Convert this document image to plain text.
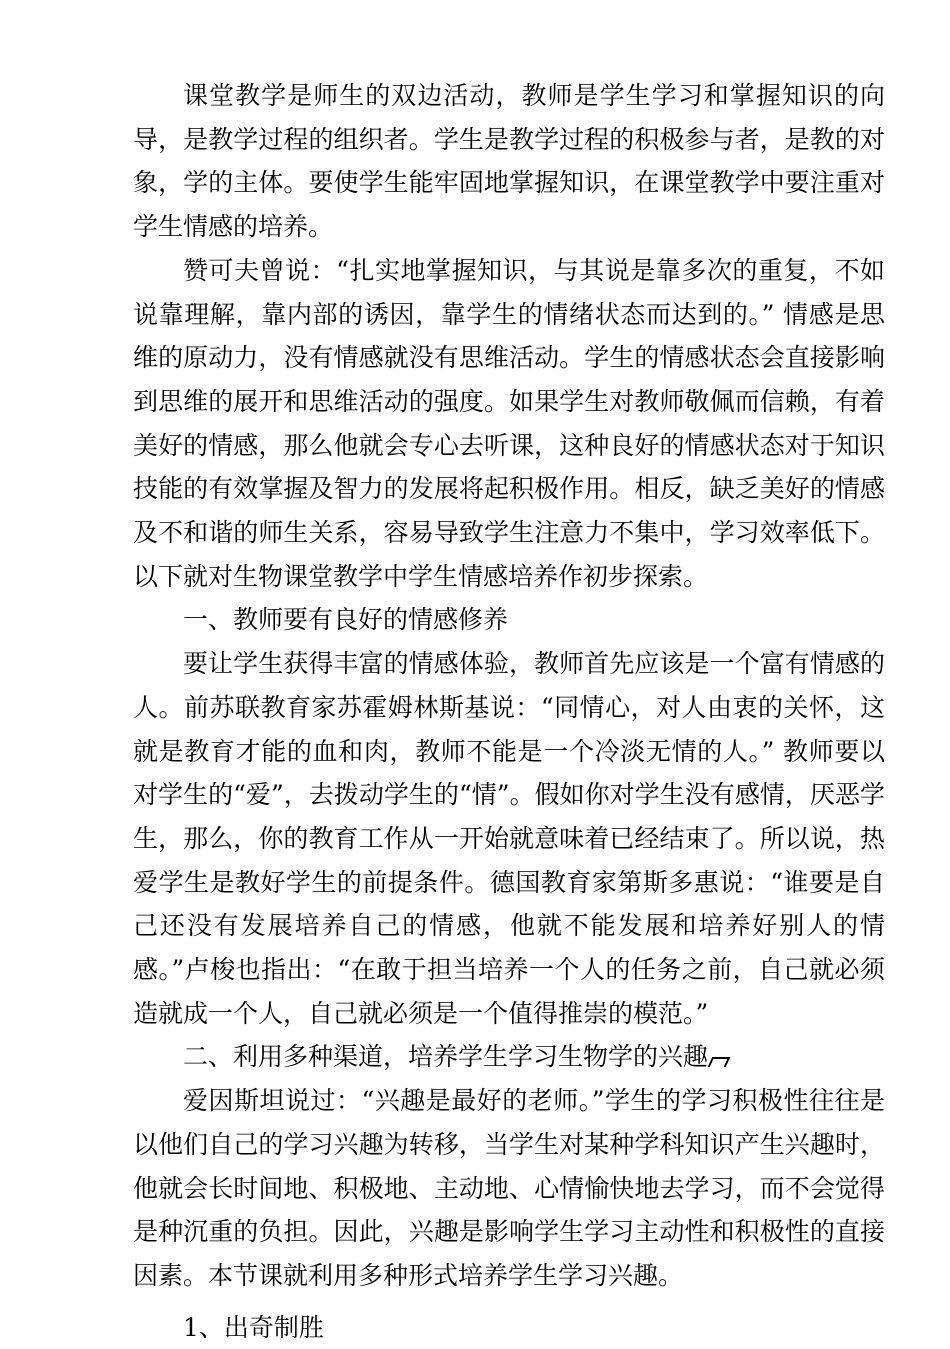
课堂教学是师生的双边活动，教师是学生学习和掌握知识的向导，是教学过程的组织者。学生是教学过程的积极参与者，是教的对象，学的主体。要使学生能牢固地掌握知识，在课堂教学中要注重对学生情感的培养。

赞可夫曾说：“扎实地掌握知识，与其说是靠多次的重复，不如说靠理解，靠内部的诱因，靠学生的情绪状态而达到的。” 情感是思维的原动力，没有情感就没有思维活动。学生的情感状态会直接影响到思维的展开和思维活动的强度。如果学生对教师敬佩而信赖，有着美好的情感，那么他就会专心去听课，这种良好的情感状态对于知识技能的有效掌握及智力的发展将起积极作用。相反，缺乏美好的情感及不和谐的师生关系，容易导致学生注意力不集中，学习效率低下。以下就对生物课堂教学中学生情感培养作初步探索。

一、教师要有良好的情感修养

要让学生获得丰富的情感体验，教师首先应该是一个富有情感的人。前苏联教育家苏霍姆林斯基说：“同情心，对人由衷的关怀，这就是教育才能的血和肉，教师不能是一个冷淡无情的人。” 教师要以对学生的“爱”，去拨动学生的“情”。假如你对学生没有感情，厌恶学生，那么，你的教育工作从一开始就意味着已经结束了。所以说，热爱学生是教好学生的前提条件。德国教育家第斯多惠说：“谁要是自己还没有发展培养自己的情感，他就不能发展和培养好别人的情感。”卢梭也指出：“在敢于担当培养一个人的任务之前，自己就必须造就成一个人，自己就必须是一个值得推崇的模范。”

二、利用多种渠道，培养学生学习生物学的兴趣

爱因斯坦说过：“兴趣是最好的老师。”学生的学习积极性往往是以他们自己的学习兴趣为转移，当学生对某种学科知识产生兴趣时，他就会长时间地、积极地、主动地、心情愉快地去学习，而不会觉得是种沉重的负担。因此，兴趣是影响学生学习主动性和积极性的直接因素。本节课就利用多种形式培养学生学习兴趣。

1、出奇制胜
